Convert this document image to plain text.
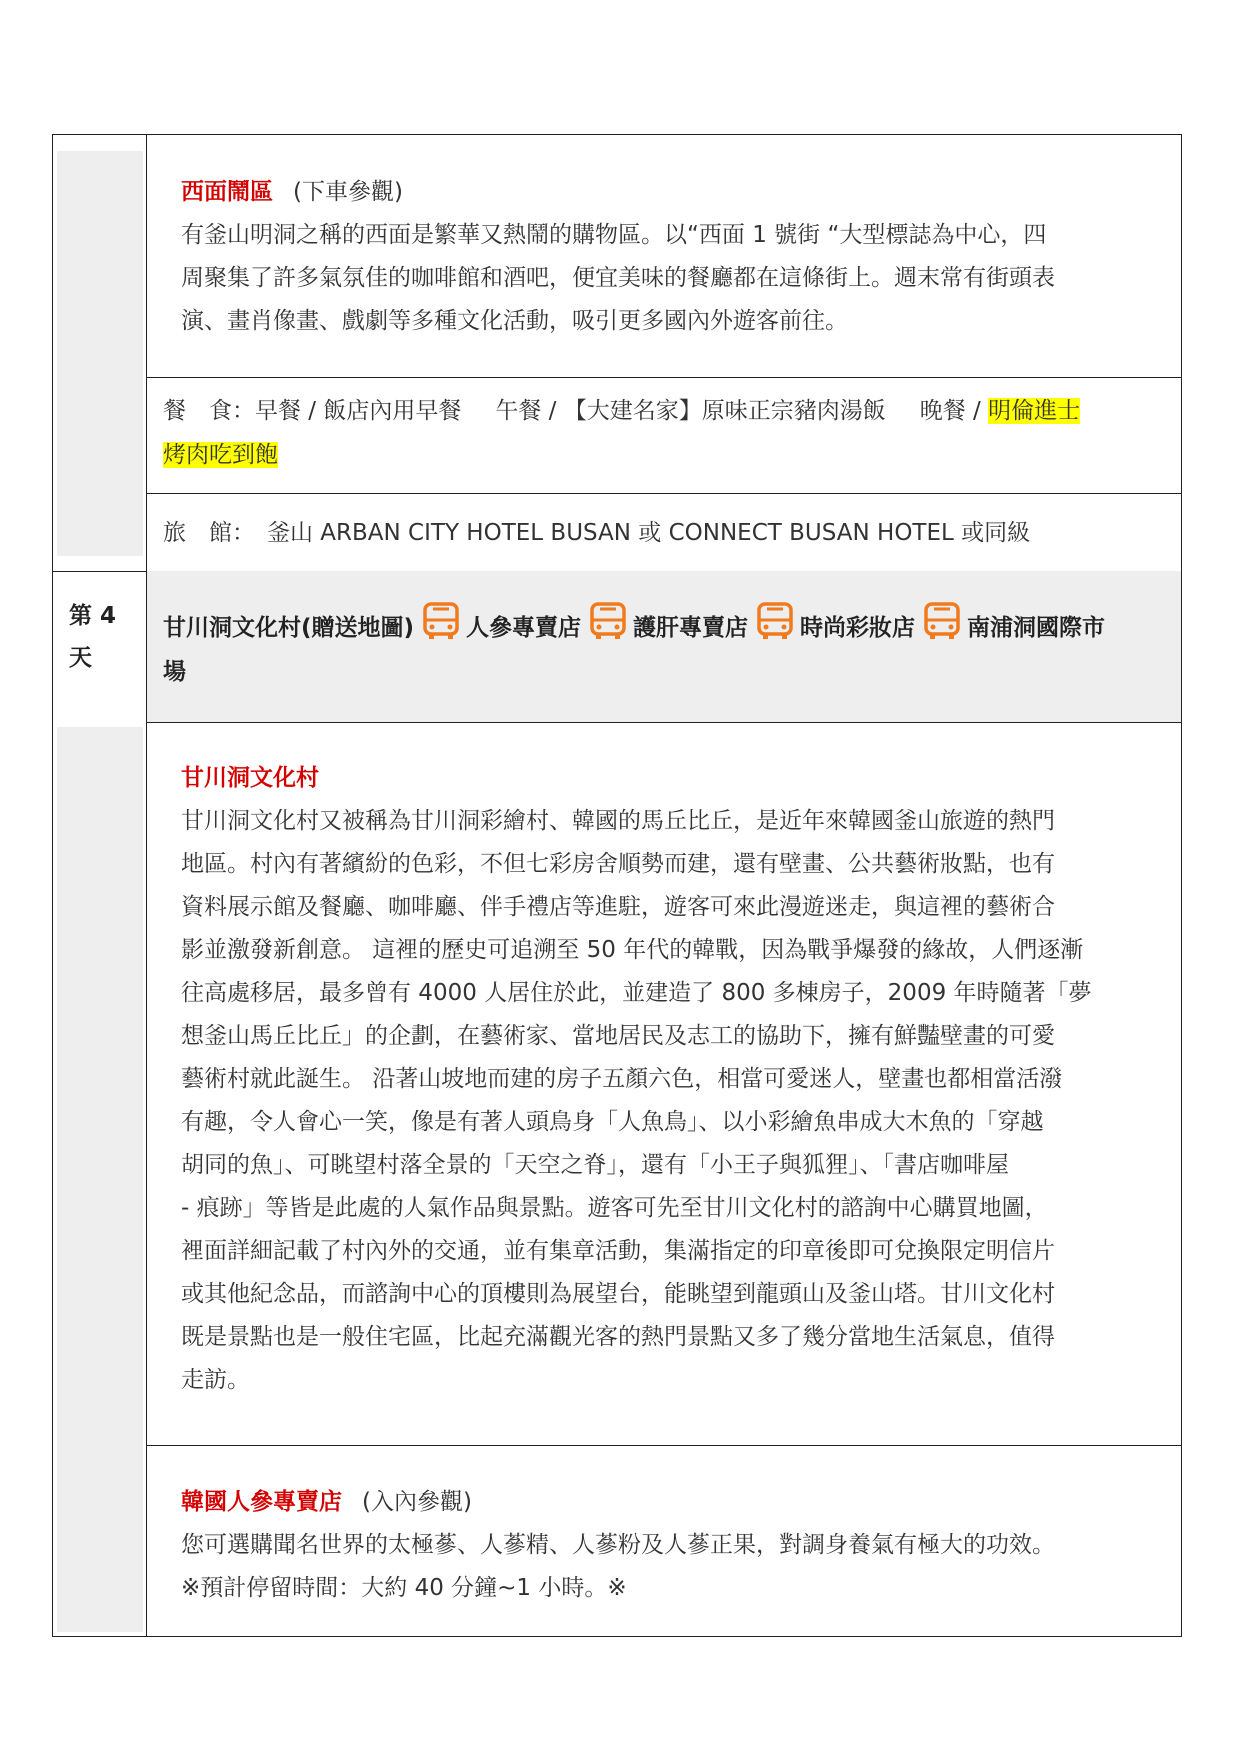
第 4
天
西面鬧區 (下車參觀)
有釜山明洞之稱的西面是繁華又熱鬧的購物區。以“西面 1 號街 “大型標誌為中心，四
周聚集了許多氣氛佳的咖啡館和酒吧，便宜美味的餐廳都在這條街上。週末常有街頭表
演、畫肖像畫、戲劇等多種文化活動，吸引更多國內外遊客前往。
餐　食：早餐 / 飯店內用早餐 午餐 / 【大建名家】原味正宗豬肉湯飯 晚餐 / 明倫進士
烤肉吃到飽
旅　館： 釜山 ARBAN CITY HOTEL BUSAN 或 CONNECT BUSAN HOTEL 或同級
甘川洞文化村(贈送地圖) 人參專賣店 護肝專賣店 時尚彩妝店 南浦洞國際市
場
甘川洞文化村
甘川洞文化村又被稱為甘川洞彩繪村、韓國的馬丘比丘，是近年來韓國釜山旅遊的熱門
地區。村內有著繽紛的色彩，不但七彩房舍順勢而建，還有壁畫、公共藝術妝點，也有
資料展示館及餐廳、咖啡廳、伴手禮店等進駐，遊客可來此漫遊迷走，與這裡的藝術合
影並激發新創意。 這裡的歷史可追溯至 50 年代的韓戰，因為戰爭爆發的緣故，人們逐漸
往高處移居，最多曾有 4000 人居住於此，並建造了 800 多棟房子，2009 年時隨著「夢
想釜山馬丘比丘」的企劃，在藝術家、當地居民及志工的協助下，擁有鮮豔壁畫的可愛
藝術村就此誕生。 沿著山坡地而建的房子五顏六色，相當可愛迷人，壁畫也都相當活潑
有趣，令人會心一笑，像是有著人頭鳥身「人魚鳥」、以小彩繪魚串成大木魚的「穿越
胡同的魚」、可眺望村落全景的「天空之脊」，還有「小王子與狐狸」、「書店咖啡屋
- 痕跡」等皆是此處的人氣作品與景點。遊客可先至甘川文化村的諮詢中心購買地圖，
裡面詳細記載了村內外的交通，並有集章活動，集滿指定的印章後即可兌換限定明信片
或其他紀念品，而諮詢中心的頂樓則為展望台，能眺望到龍頭山及釜山塔。甘川文化村
既是景點也是一般住宅區，比起充滿觀光客的熱門景點又多了幾分當地生活氣息，值得
走訪。
韓國人參專賣店 (入內參觀)
您可選購聞名世界的太極蔘、人蔘精、人蔘粉及人蔘正果，對調身養氣有極大的功效。
※預計停留時間：大約 40 分鐘~1 小時。※
